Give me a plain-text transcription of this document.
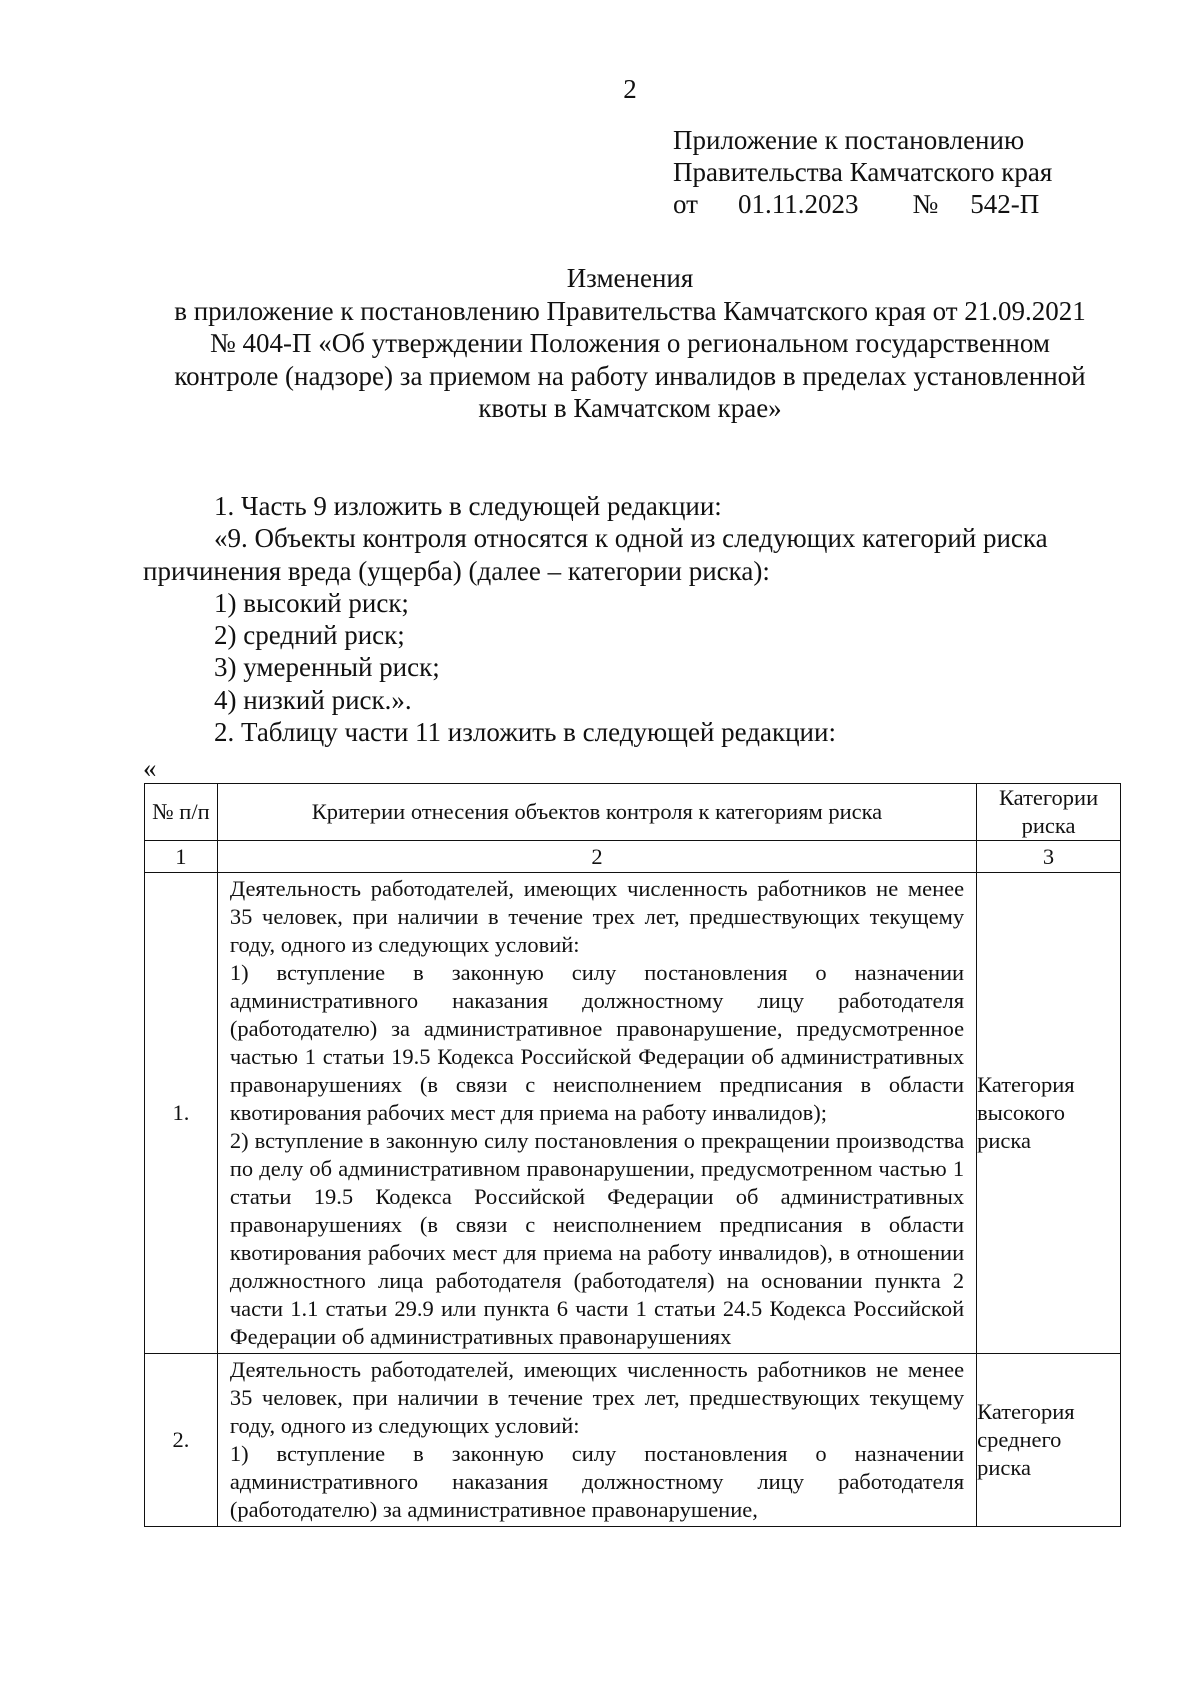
2
Приложение к постановлению
Правительства Камчатского края
от 01.11.2023 № 542-П
Изменения
в приложение к постановлению Правительства Камчатского края от 21.09.2021
№ 404-П «Об утверждении Положения о региональном государственном
контроле (надзоре) за приемом на работу инвалидов в пределах установленной
квоты в Камчатском крае»

1. Часть 9 изложить в следующей редакции:

«9. Объекты контроля относятся к одной из следующих категорий риска причинения вреда (ущерба) (далее – категории риска):

1) высокий риск;

2) средний риск;

3) умеренный риск;

4) низкий риск.».

2. Таблицу части 11 изложить в следующей редакции:

«
№ п/п	Критерии отнесения объектов контроля к категориям риска	Категории риска
1	2	3
1.	Деятельность работодателей, имеющих численность работников не менее 35 человек, при наличии в течение трех лет, предшествующих текущему году, одного из следующих условий:
1) вступление в законную силу постановления о назначении административного наказания должностному лицу работодателя (работодателю) за административное правонарушение, предусмотренное частью 1 статьи 19.5 Кодекса Российской Федерации об административных правонарушениях (в связи с неисполнением предписания в области квотирования рабочих мест для приема на работу инвалидов);
2) вступление в законную силу постановления о прекращении производства по делу об административном правонарушении, предусмотренном частью 1 статьи 19.5 Кодекса Российской Федерации об административных правонарушениях (в связи с неисполнением предписания в области квотирования рабочих мест для приема на работу инвалидов), в отношении должностного лица работодателя (работодателя) на основании пункта 2 части 1.1 статьи 29.9 или пункта 6 части 1 статьи 24.5 Кодекса Российской Федерации об административных правонарушениях	Категория высокого риска
2.	Деятельность работодателей, имеющих численность работников не менее 35 человек, при наличии в течение трех лет, предшествующих текущему году, одного из следующих условий:
1) вступление в законную силу постановления о назначении административного наказания должностному лицу работодателя (работодателю) за административное правонарушение,	Категория среднего риска
